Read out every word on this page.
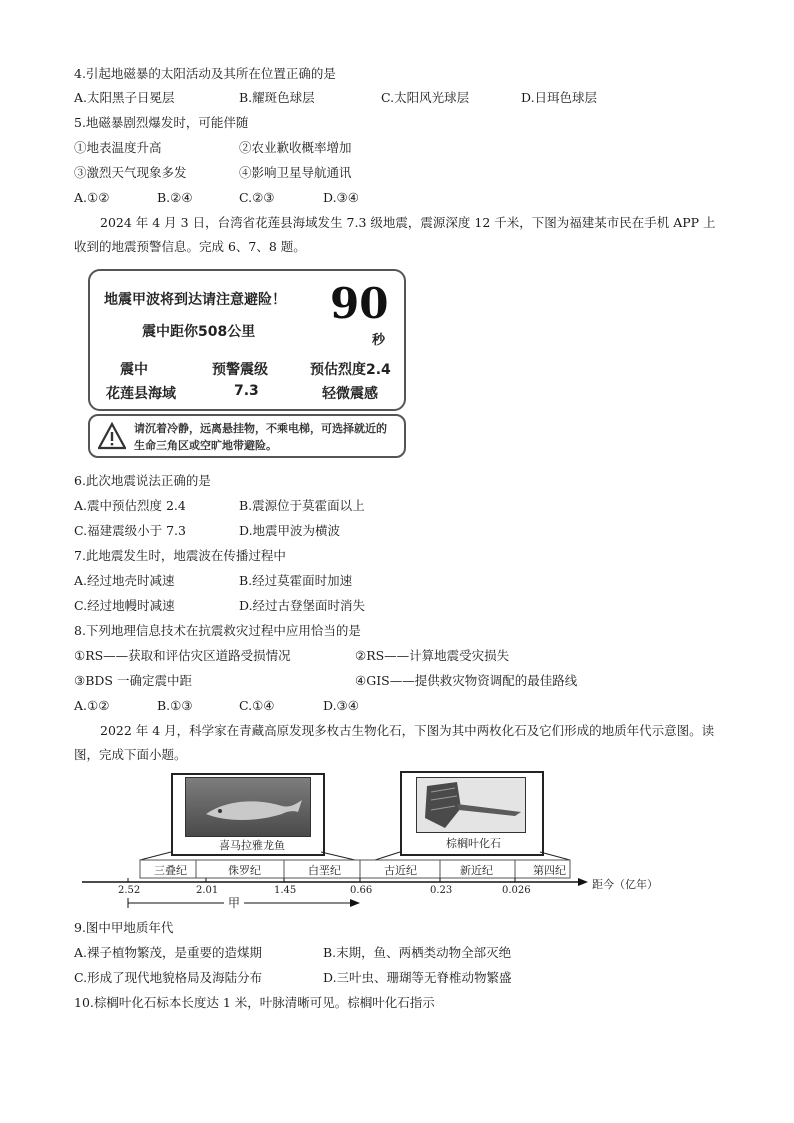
4.引起地磁暴的太阳活动及其所在位置正确的是
A.太阳黑子日冕层	B.耀斑色球层	C.太阳风光球层	D.日珥色球层
5.地磁暴剧烈爆发时，可能伴随
①地表温度升高	②农业歉收概率增加
③激烈天气现象多发	④影响卫星导航通讯
A.①②	B.②④	C.②③	D.③④
2024 年 4 月 3 日，台湾省花莲县海域发生 7.3 级地震，震源深度 12 千米，下图为福建某市民在手机 APP 上收到的地震预警信息。完成 6、7、8 题。
地震甲波将到达请注意避险！ 90
秒
震中距你508公里
震中
花莲县海域
预警震级
7.3
预估烈度2.4
轻微震感
请沉着冷静，远离悬挂物，不乘电梯，可选择就近的生命三角区或空旷地带避险。
6.此次地震说法正确的是
A.震中预估烈度 2.4	B.震源位于莫霍面以上
C.福建震级小于 7.3	D.地震甲波为横波
7.此地震发生时，地震波在传播过程中
A.经过地壳时减速	B.经过莫霍面时加速
C.经过地幔时减速	D.经过古登堡面时消失
8.下列地理信息技术在抗震救灾过程中应用恰当的是
①RS——获取和评估灾区道路受损情况	②RS——计算地震受灾损失
③BDS 一确定震中距	④GIS——提供救灾物资调配的最佳路线
A.①②	B.①③	C.①④	D.③④
2022 年 4 月，科学家在青藏高原发现多枚古生物化石，下图为其中两枚化石及它们形成的地质年代示意图。读图，完成下面小题。
喜马拉雅龙鱼	棕榈叶化石
三叠纪	侏罗纪	白垩纪	古近纪	新近纪	第四纪
2.52	2.01	1.45	0.66	0.23	0.026	距今（亿年）
甲
9.图中甲地质年代
A.裸子植物繁茂，是重要的造煤期	B.末期，鱼、两栖类动物全部灭绝
C.形成了现代地貌格局及海陆分布	D.三叶虫、珊瑚等无脊椎动物繁盛
10.棕榈叶化石标本长度达 1 米，叶脉清晰可见。棕榈叶化石指示
